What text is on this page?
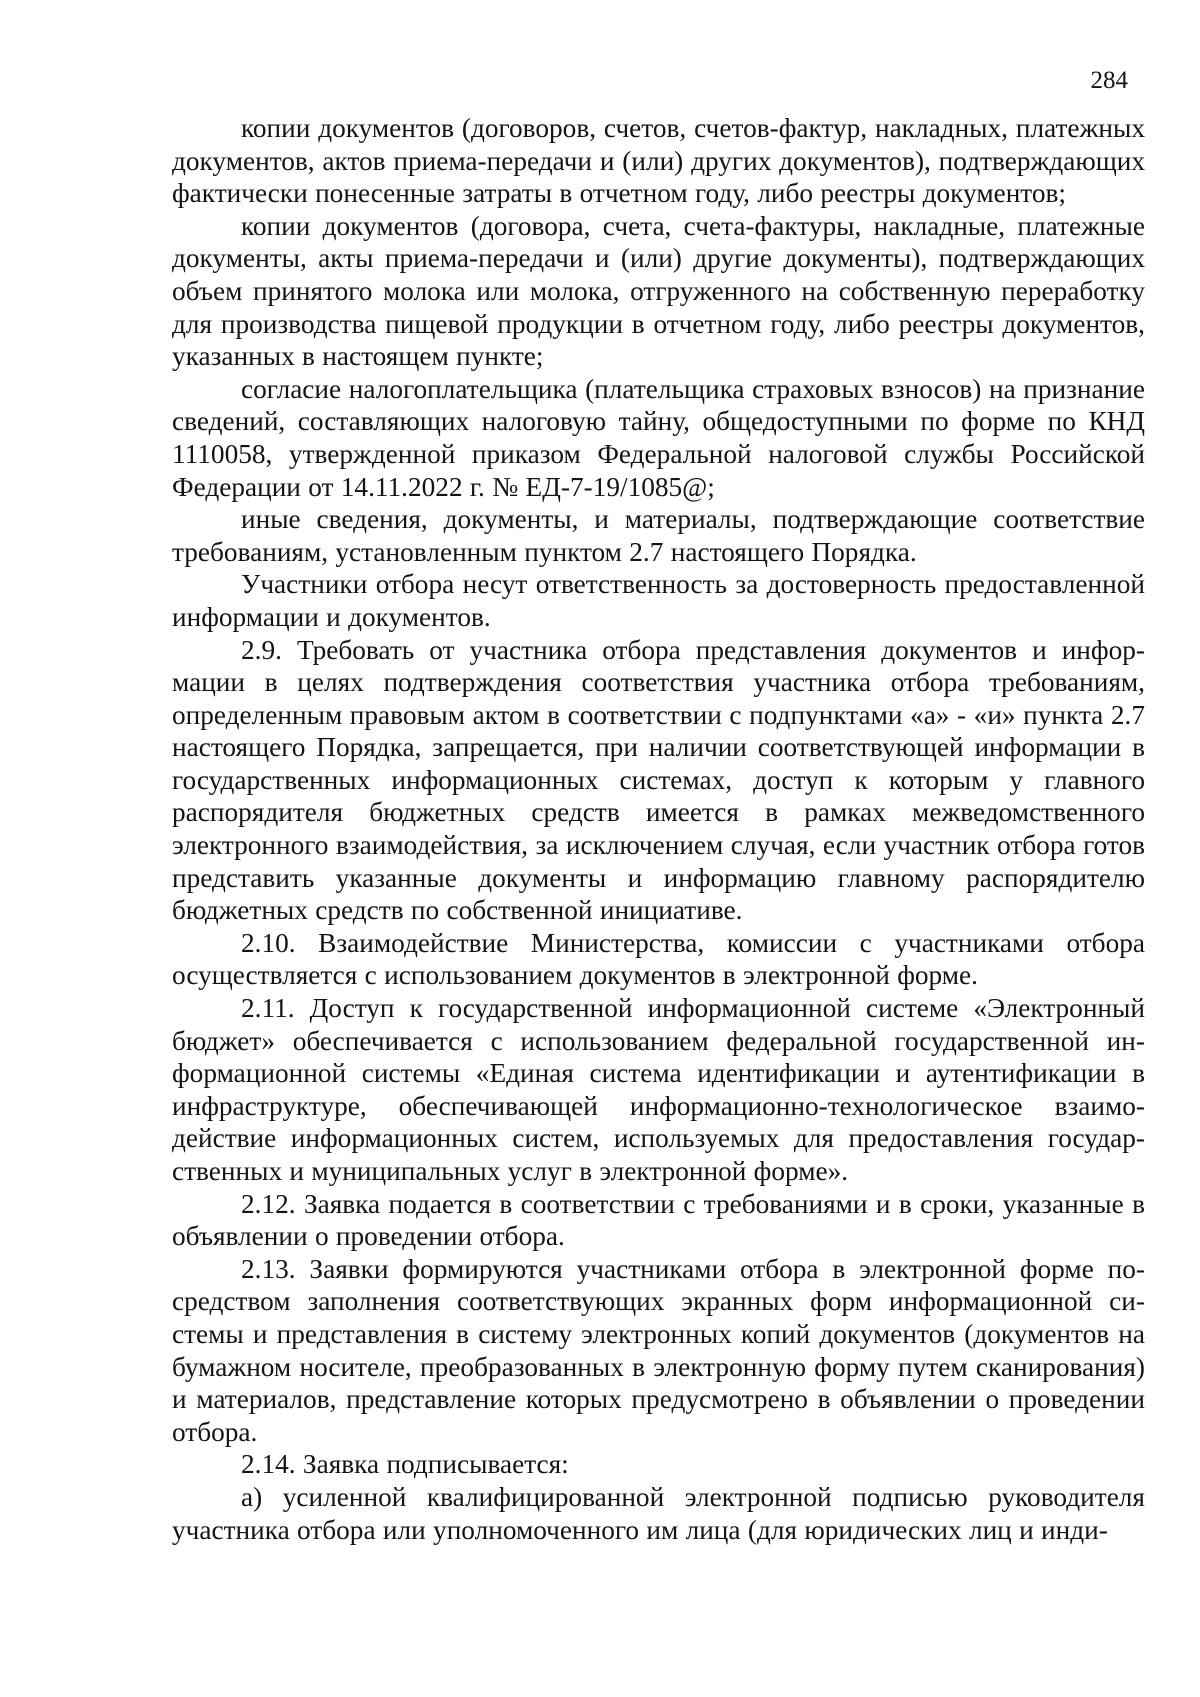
284

копии документов (договоров, счетов, счетов-фактур, накладных, платежных документов, актов приема-передачи и (или) других документов), подтверждающих фактически понесенные затраты в отчетном году, либо реестры документов;

копии документов (договора, счета, счета-фактуры, накладные, платежные документы, акты приема-передачи и (или) другие документы), подтверждающих объем принятого молока или молока, отгруженного на собственную переработку для производства пищевой продукции в отчетном году, либо реестры документов, указанных в настоящем пункте;

согласие налогоплательщика (плательщика страховых взносов) на признание сведений, составляющих налоговую тайну, общедоступными по форме по КНД 1110058, утвержденной приказом Федеральной налоговой службы Российской Федерации от 14.11.2022 г. № ЕД-7-19/1085@;

иные сведения, документы, и материалы, подтверждающие соответствие требованиям, установленным пунктом 2.7 настоящего Порядка.

Участники отбора несут ответственность за достоверность предоставленной информации и документов.

2.9. Требовать от участника отбора представления документов и информации в целях подтверждения соответствия участника отбора требованиям, определенным правовым актом в соответствии с подпунктами «а» - «и» пункта 2.7 настоящего Порядка, запрещается, при наличии соответствующей информации в государственных информационных системах, доступ к которым у главного распорядителя бюджетных средств имеется в рамках межведомственного электронного взаимодействия, за исключением случая, если участник отбора готов представить указанные документы и информацию главному распорядителю бюджетных средств по собственной инициативе.

2.10. Взаимодействие Министерства, комиссии с участниками отбора осуществляется с использованием документов в электронной форме.

2.11. Доступ к государственной информационной системе «Электронный бюджет» обеспечивается с использованием федеральной государственной информационной системы «Единая система идентификации и аутентификации в инфраструктуре, обеспечивающей информационно-технологическое взаимодействие информационных систем, используемых для предоставления государственных и муниципальных услуг в электронной форме».

2.12. Заявка подается в соответствии с требованиями и в сроки, указанные в объявлении о проведении отбора.

2.13. Заявки формируются участниками отбора в электронной форме посредством заполнения соответствующих экранных форм информационной системы и представления в систему электронных копий документов (документов на бумажном носителе, преобразованных в электронную форму путем сканирования) и материалов, представление которых предусмотрено в объявлении о проведении отбора.

2.14. Заявка подписывается:

а) усиленной квалифицированной электронной подписью руководителя участника отбора или уполномоченного им лица (для юридических лиц и инди-
